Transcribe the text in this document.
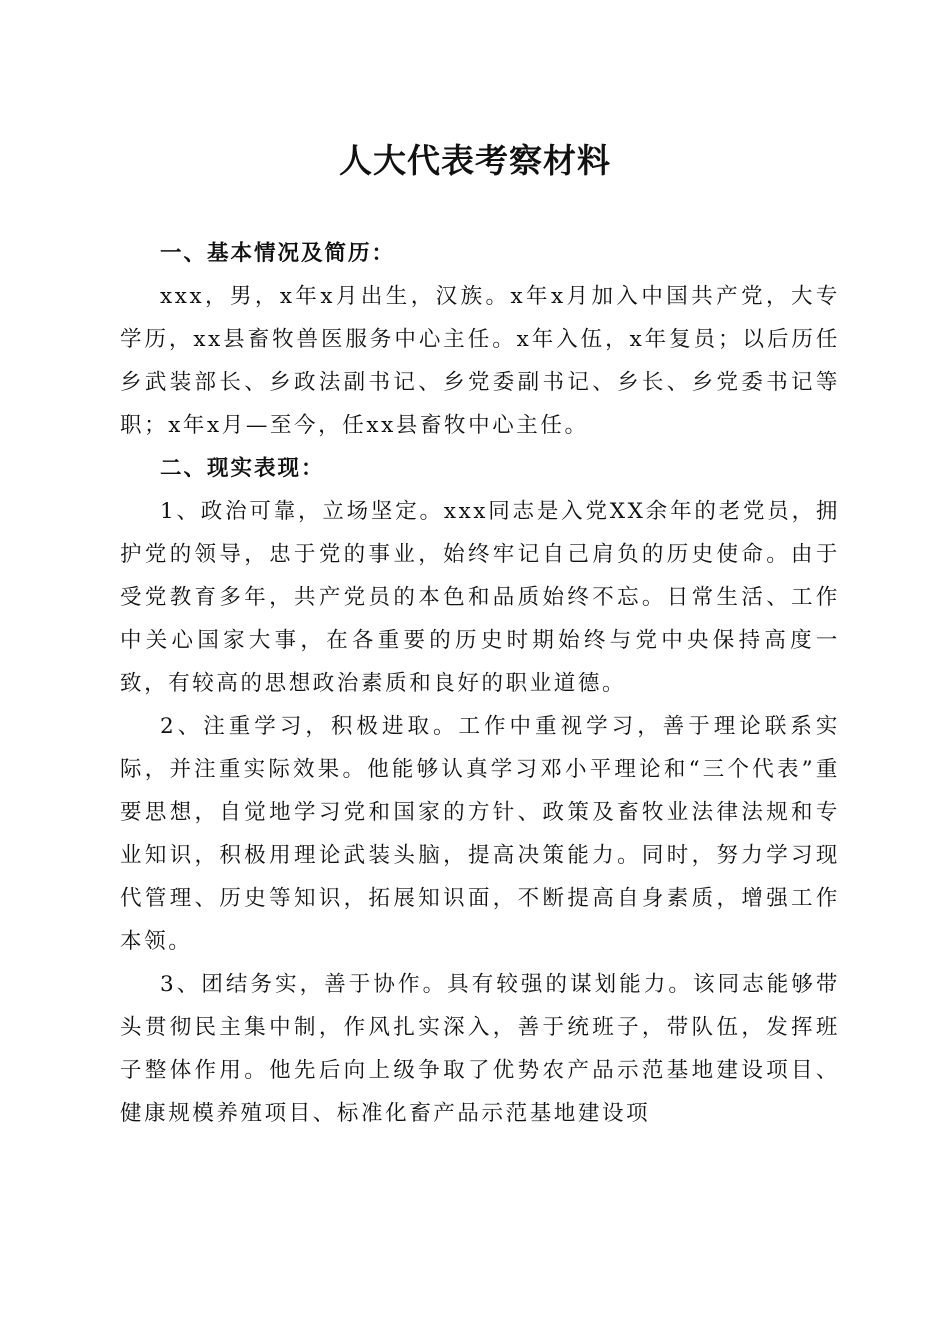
人大代表考察材料

一、基本情况及简历：

xxx，男，x年x月出生，汉族。x年x月加入中国共产党，大专学历，xx县畜牧兽医服务中心主任。x年入伍，x年复员；以后历任乡武装部长、乡政法副书记、乡党委副书记、乡长、乡党委书记等职；x年x月—至今，任xx县畜牧中心主任。

二、现实表现：

1、政治可靠，立场坚定。xxx同志是入党XX余年的老党员，拥护党的领导，忠于党的事业，始终牢记自己肩负的历史使命。由于受党教育多年，共产党员的本色和品质始终不忘。日常生活、工作中关心国家大事，在各重要的历史时期始终与党中央保持高度一致，有较高的思想政治素质和良好的职业道德。

2、注重学习，积极进取。工作中重视学习，善于理论联系实际，并注重实际效果。他能够认真学习邓小平理论和“三个代表”重要思想，自觉地学习党和国家的方针、政策及畜牧业法律法规和专业知识，积极用理论武装头脑，提高决策能力。同时，努力学习现代管理、历史等知识，拓展知识面，不断提高自身素质，增强工作本领。

3、团结务实，善于协作。具有较强的谋划能力。该同志能够带头贯彻民主集中制，作风扎实深入，善于统班子，带队伍，发挥班子整体作用。他先后向上级争取了优势农产品示范基地建设项目、健康规模养殖项目、标准化畜产品示范基地建设项
